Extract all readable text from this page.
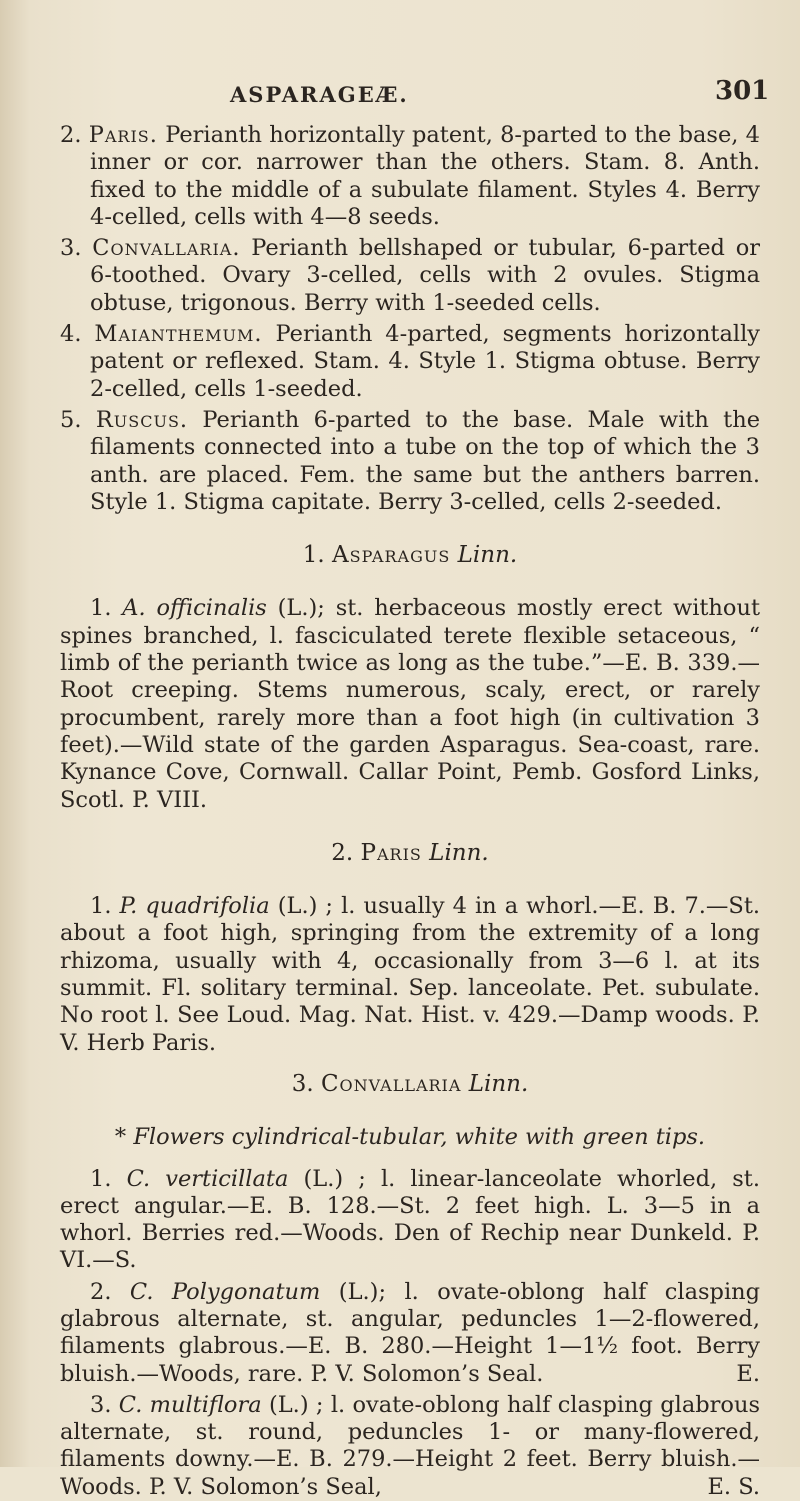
ASPARAGEÆ.	301

2. Paris. Perianth horizontally patent, 8-parted to the base, 4 inner or cor. narrower than the others. Stam. 8. Anth. fixed to the middle of a subulate filament. Styles 4. Berry 4-celled, cells with 4—8 seeds.

3. Convallaria. Perianth bellshaped or tubular, 6-parted or 6-toothed. Ovary 3-celled, cells with 2 ovules. Stigma obtuse, trigonous. Berry with 1-seeded cells.

4. Maianthemum. Perianth 4-parted, segments horizontally patent or reflexed. Stam. 4. Style 1. Stigma obtuse. Berry 2-celled, cells 1-seeded.

5. Ruscus. Perianth 6-parted to the base. Male with the filaments connected into a tube on the top of which the 3 anth. are placed. Fem. the same but the anthers barren. Style 1. Stigma capitate. Berry 3-celled, cells 2-seeded.

1. Asparagus Linn.

1. A. officinalis (L.); st. herbaceous mostly erect without spines branched, l. fasciculated terete flexible setaceous, “ limb of the perianth twice as long as the tube.”—E. B. 339.—Root creeping. Stems numerous, scaly, erect, or rarely procumbent, rarely more than a foot high (in cultivation 3 feet).—Wild state of the garden Asparagus. Sea-coast, rare. Kynance Cove, Cornwall. Callar Point, Pemb. Gosford Links, Scotl. P. VIII.

2. Paris Linn.

1. P. quadrifolia (L.) ; l. usually 4 in a whorl.—E. B. 7.—St. about a foot high, springing from the extremity of a long rhizoma, usually with 4, occasionally from 3—6 l. at its summit. Fl. solitary terminal. Sep. lanceolate. Pet. subulate. No root l. See Loud. Mag. Nat. Hist. v. 429.—Damp woods. P. V. Herb Paris.

3. Convallaria Linn.
* Flowers cylindrical-tubular, white with green tips.

1. C. verticillata (L.) ; l. linear-lanceolate whorled, st. erect angular.—E. B. 128.—St. 2 feet high. L. 3—5 in a whorl. Berries red.—Woods. Den of Rechip near Dunkeld. P. VI.—S.

2. C. Polygonatum (L.); l. ovate-oblong half clasping glabrous alternate, st. angular, peduncles 1—2-flowered, filaments glabrous.—E. B. 280.—Height 1—1½ foot. Berry bluish.—Woods, rare. P. V. Solomon’s Seal.	E.

3. C. multiflora (L.) ; l. ovate-oblong half clasping glabrous alternate, st. round, peduncles 1- or many-flowered, filaments downy.—E. B. 279.—Height 2 feet. Berry bluish.—Woods. P. V. Solomon’s Seal,	E. S.
